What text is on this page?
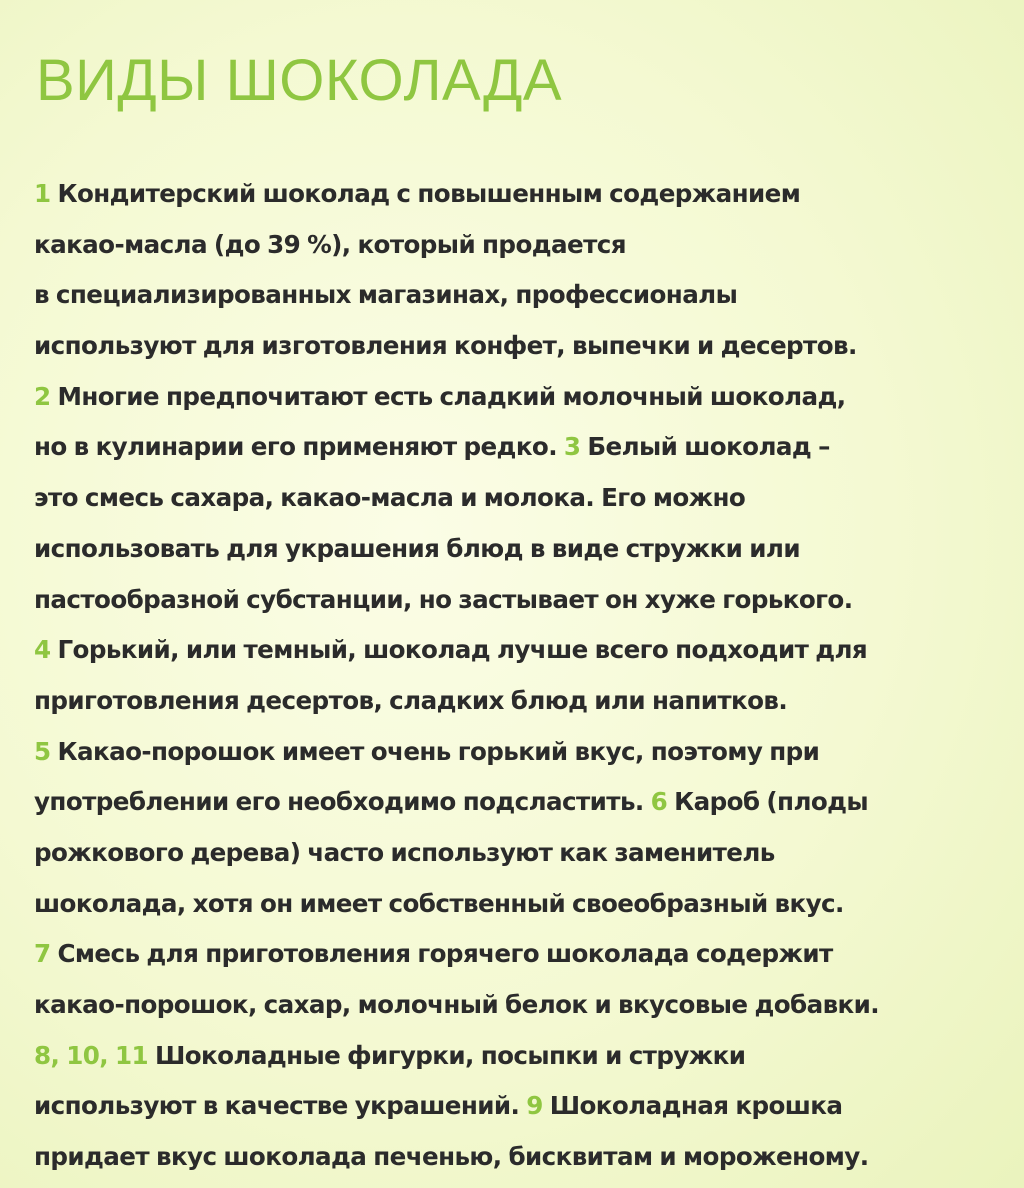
ВИДЫ ШОКОЛАДА
1 Кондитерский шоколад с повышенным содержанием
какао-масла (до 39 %), который продается
в специализированных магазинах, профессионалы
используют для изготовления конфет, выпечки и десертов.
2 Многие предпочитают есть сладкий молочный шоколад,
но в кулинарии его применяют редко. 3 Белый шоколад –
это смесь сахара, какао-масла и молока. Его можно
использовать для украшения блюд в виде стружки или
пастообразной субстанции, но застывает он хуже горького.
4 Горький, или темный, шоколад лучше всего подходит для
приготовления десертов, сладких блюд или напитков.
5 Какао-порошок имеет очень горький вкус, поэтому при
употреблении его необходимо подсластить. 6 Кароб (плоды
рожкового дерева) часто используют как заменитель
шоколада, хотя он имеет собственный своеобразный вкус.
7 Смесь для приготовления горячего шоколада содержит
какао-порошок, сахар, молочный белок и вкусовые добавки.
8, 10, 11 Шоколадные фигурки, посыпки и стружки
используют в качестве украшений. 9 Шоколадная крошка
придает вкус шоколада печенью, бисквитам и мороженому.
